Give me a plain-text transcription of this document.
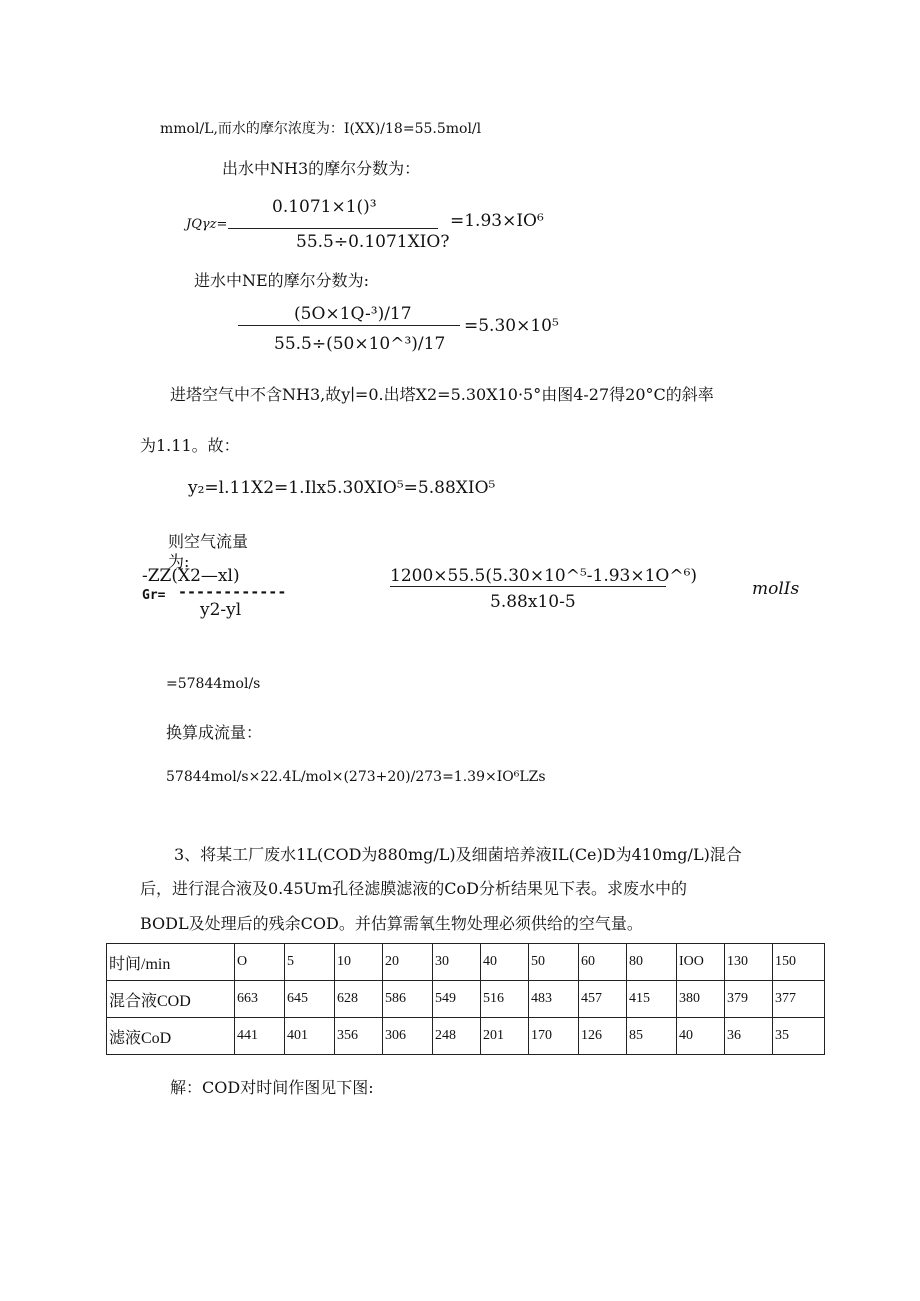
mmol/L,而水的摩尔浓度为：I(XX)/18=55.5mol/l
出水中NH3的摩尔分数为：
0.1071×1()³
JQγz=	=1.93×IO⁶
55.5÷0.1071XIO?
进水中NE的摩尔分数为:
(5O×1Q-³)/17
=5.30×10⁵
55.5÷(50×10^³)/17
进塔空气中不含NH3,故y∣=0.出塔X2=5.30X10·5°由图4-27得20°C的斜率
为1.11。故：
y₂=l.11X2=1.Ilx5.30XIO⁵=5.88XIO⁵
则空气流量
为:
-ZZ(X2—xl)
Gr= ------------
y2-yl
1200×55.5(5.30×10^⁵-1.93×1O^⁶)
5.88x10-5
molIs
=57844mol/s
换算成流量：
57844mol/s×22.4L/mol×(273+20)/273=1.39×IO⁶LZs
3、将某工厂废水1L(COD为880mg/L)及细菌培养液IL(Ce)D为410mg/L)混合
后，进行混合液及0.45Um孔径滤膜滤液的CoD分析结果见下表。求废水中的
BODL及处理后的残余COD。并估算需氧生物处理必须供给的空气量。
时间/min	O	5	10	20	30	40	50	60	80	IOO	130	150
混合液COD	663	645	628	586	549	516	483	457	415	380	379	377
滤液CoD	441	401	356	306	248	201	170	126	85	40	36	35
解：COD对时间作图见下图:
